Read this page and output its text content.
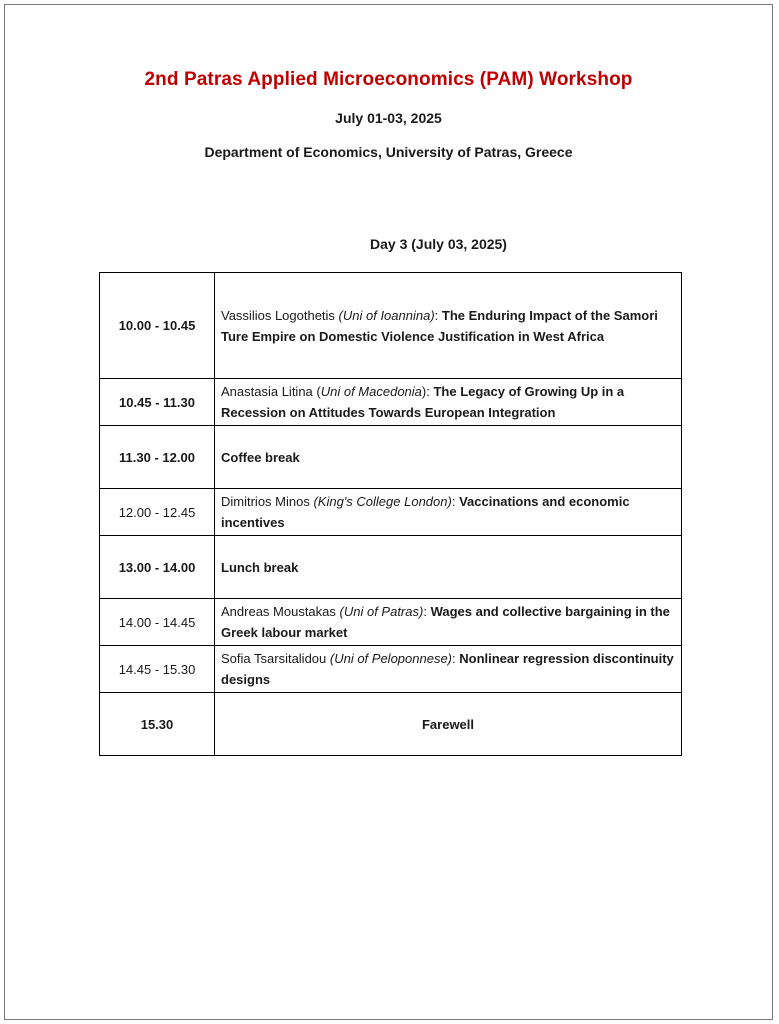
2nd Patras Applied Microeconomics (PAM) Workshop
July 01-03, 2025
Department of Economics, University of Patras, Greece
Day 3 (July 03, 2025)
10.00 - 10.45	Vassilios Logothetis (Uni of Ioannina): The Enduring Impact of the Samori Ture Empire on Domestic Violence Justification in West Africa
10.45 - 11.30	Anastasia Litina (Uni of Macedonia): The Legacy of Growing Up in a Recession on Attitudes Towards European Integration
11.30 - 12.00	Coffee break
12.00 - 12.45	Dimitrios Minos (King's College London): Vaccinations and economic incentives
13.00 - 14.00	Lunch break
14.00 - 14.45	Andreas Moustakas (Uni of Patras): Wages and collective bargaining in the Greek labour market
14.45 - 15.30	Sofia Tsarsitalidou (Uni of Peloponnese): Nonlinear regression discontinuity designs
15.30	Farewell
